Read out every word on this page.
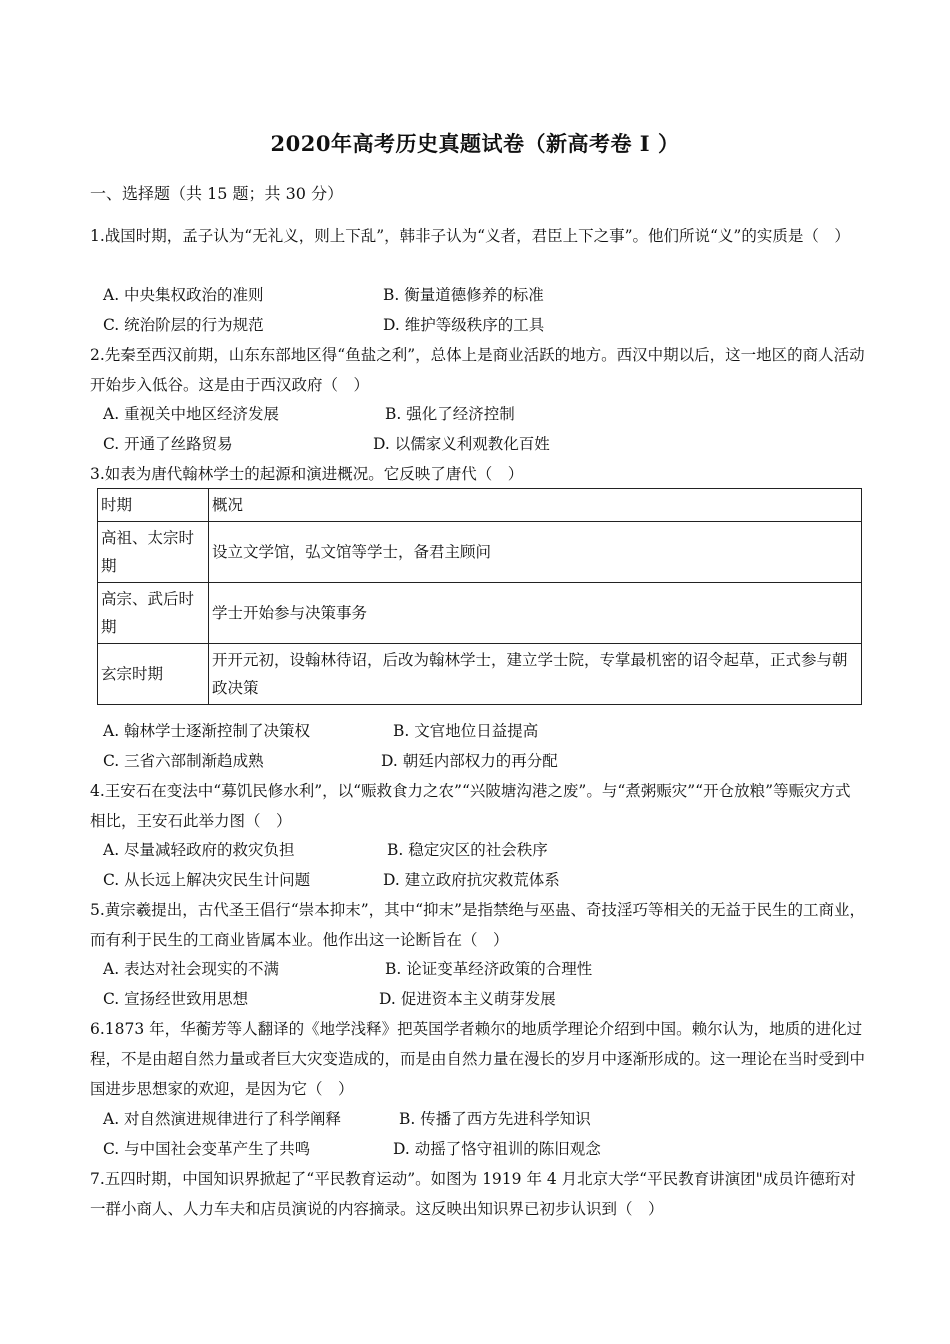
2020年高考历史真题试卷（新高考卷 Ⅰ ）
一、选择题（共 15 题；共 30 分）
1.战国时期，孟子认为“无礼义，则上下乱”，韩非子认为“义者，君臣上下之事”。他们所说“义”的实质是（　）
A. 中央集权政治的准则	B. 衡量道德修养的标准
C. 统治阶层的行为规范	D. 维护等级秩序的工具
2.先秦至西汉前期，山东东部地区得“鱼盐之利”，总体上是商业活跃的地方。西汉中期以后，这一地区的商人活动开始步入低谷。这是由于西汉政府（　）
A. 重视关中地区经济发展	B. 强化了经济控制
C. 开通了丝路贸易	D. 以儒家义利观教化百姓
3.如表为唐代翰林学士的起源和演进概况。它反映了唐代（　）
时期	概况
高祖、太宗时期	设立文学馆，弘文馆等学士，备君主顾问
高宗、武后时期	学士开始参与决策事务
玄宗时期	开开元初，设翰林待诏，后改为翰林学士，建立学士院，专掌最机密的诏令起草，正式参与朝政决策
A. 翰林学士逐渐控制了决策权	B. 文官地位日益提高
C. 三省六部制渐趋成熟	D. 朝廷内部权力的再分配
4.王安石在变法中“募饥民修水利”，以“赈救食力之农”“兴陂塘沟港之废”。与“煮粥赈灾”“开仓放粮”等赈灾方式相比，王安石此举力图（　）
A. 尽量减轻政府的救灾负担	B. 稳定灾区的社会秩序
C. 从长远上解决灾民生计问题	D. 建立政府抗灾救荒体系
5.黄宗羲提出，古代圣王倡行“崇本抑末”，其中“抑末”是指禁绝与巫蛊、奇技淫巧等相关的无益于民生的工商业，而有利于民生的工商业皆属本业。他作出这一论断旨在（　）
A. 表达对社会现实的不满	B. 论证变革经济政策的合理性
C. 宣扬经世致用思想	D. 促进资本主义萌芽发展
6.1873 年，华蘅芳等人翻译的《地学浅释》把英国学者赖尔的地质学理论介绍到中国。赖尔认为，地质的进化过程，不是由超自然力量或者巨大灾变造成的，而是由自然力量在漫长的岁月中逐渐形成的。这一理论在当时受到中国进步思想家的欢迎，是因为它（　）
A. 对自然演进规律进行了科学阐释	B. 传播了西方先进科学知识
C. 与中国社会变革产生了共鸣	D. 动摇了恪守祖训的陈旧观念
7.五四时期，中国知识界掀起了“平民教育运动”。如图为 1919 年 4 月北京大学“平民教育讲演团"成员许德珩对一群小商人、人力车夫和店员演说的内容摘录。这反映出知识界已初步认识到（　）
